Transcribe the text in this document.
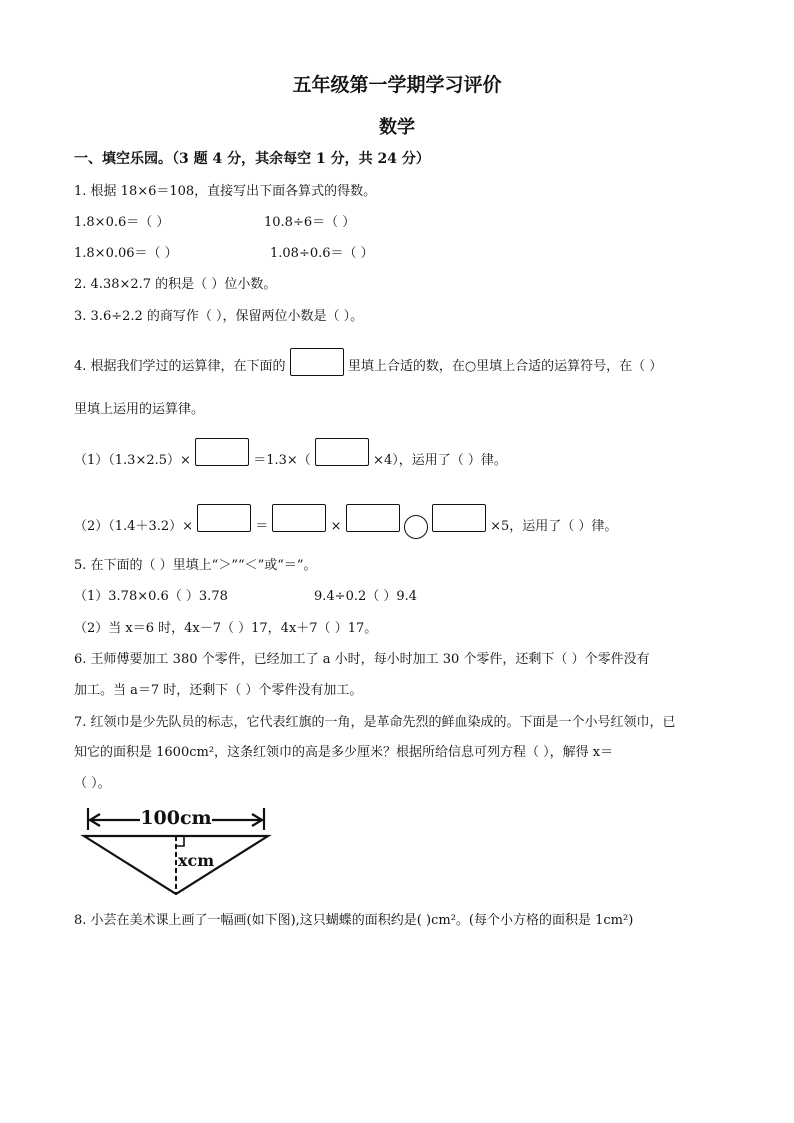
五年级第一学期学习评价
数学
一、填空乐园。（3 题 4 分，其余每空 1 分，共 24 分）
1. 根据 18×6＝108，直接写出下面各算式的得数。
1.8×0.6＝（ ）	10.8÷6＝（ ）
1.8×0.06＝（ ）	1.08÷0.6＝（ ）
2. 4.38×2.7 的积是（ ）位小数。
3. 3.6÷2.2 的商写作（ ），保留两位小数是（ ）。
4. 根据我们学过的运算律，在下面的	里填上合适的数，在○里填上合适的运算符号，在（ ）
里填上运用的运算律。
（1）（1.3×2.5）×	＝1.3×（	×4），运用了（ ）律。
（2）（1.4＋3.2）×	＝	×	×5，运用了（ ）律。
5. 在下面的（ ）里填上“＞”“＜”或“＝”。
（1）3.78×0.6（ ）3.78	9.4÷0.2（ ）9.4
（2）当 x＝6 时，4x－7（ ）17，4x＋7（ ）17。
6. 王师傅要加工 380 个零件，已经加工了 a 小时，每小时加工 30 个零件，还剩下（ ）个零件没有
加工。当 a＝7 时，还剩下（ ）个零件没有加工。
7. 红领巾是少先队员的标志，它代表红旗的一角，是革命先烈的鲜血染成的。下面是一个小号红领巾，已
知它的面积是 1600cm²，这条红领巾的高是多少厘米？根据所给信息可列方程（ ），解得 x＝
（ ）。
100cm
xcm
8. 小芸在美术课上画了一幅画(如下图),这只蝴蝶的面积约是( )cm²。(每个小方格的面积是 1cm²)
